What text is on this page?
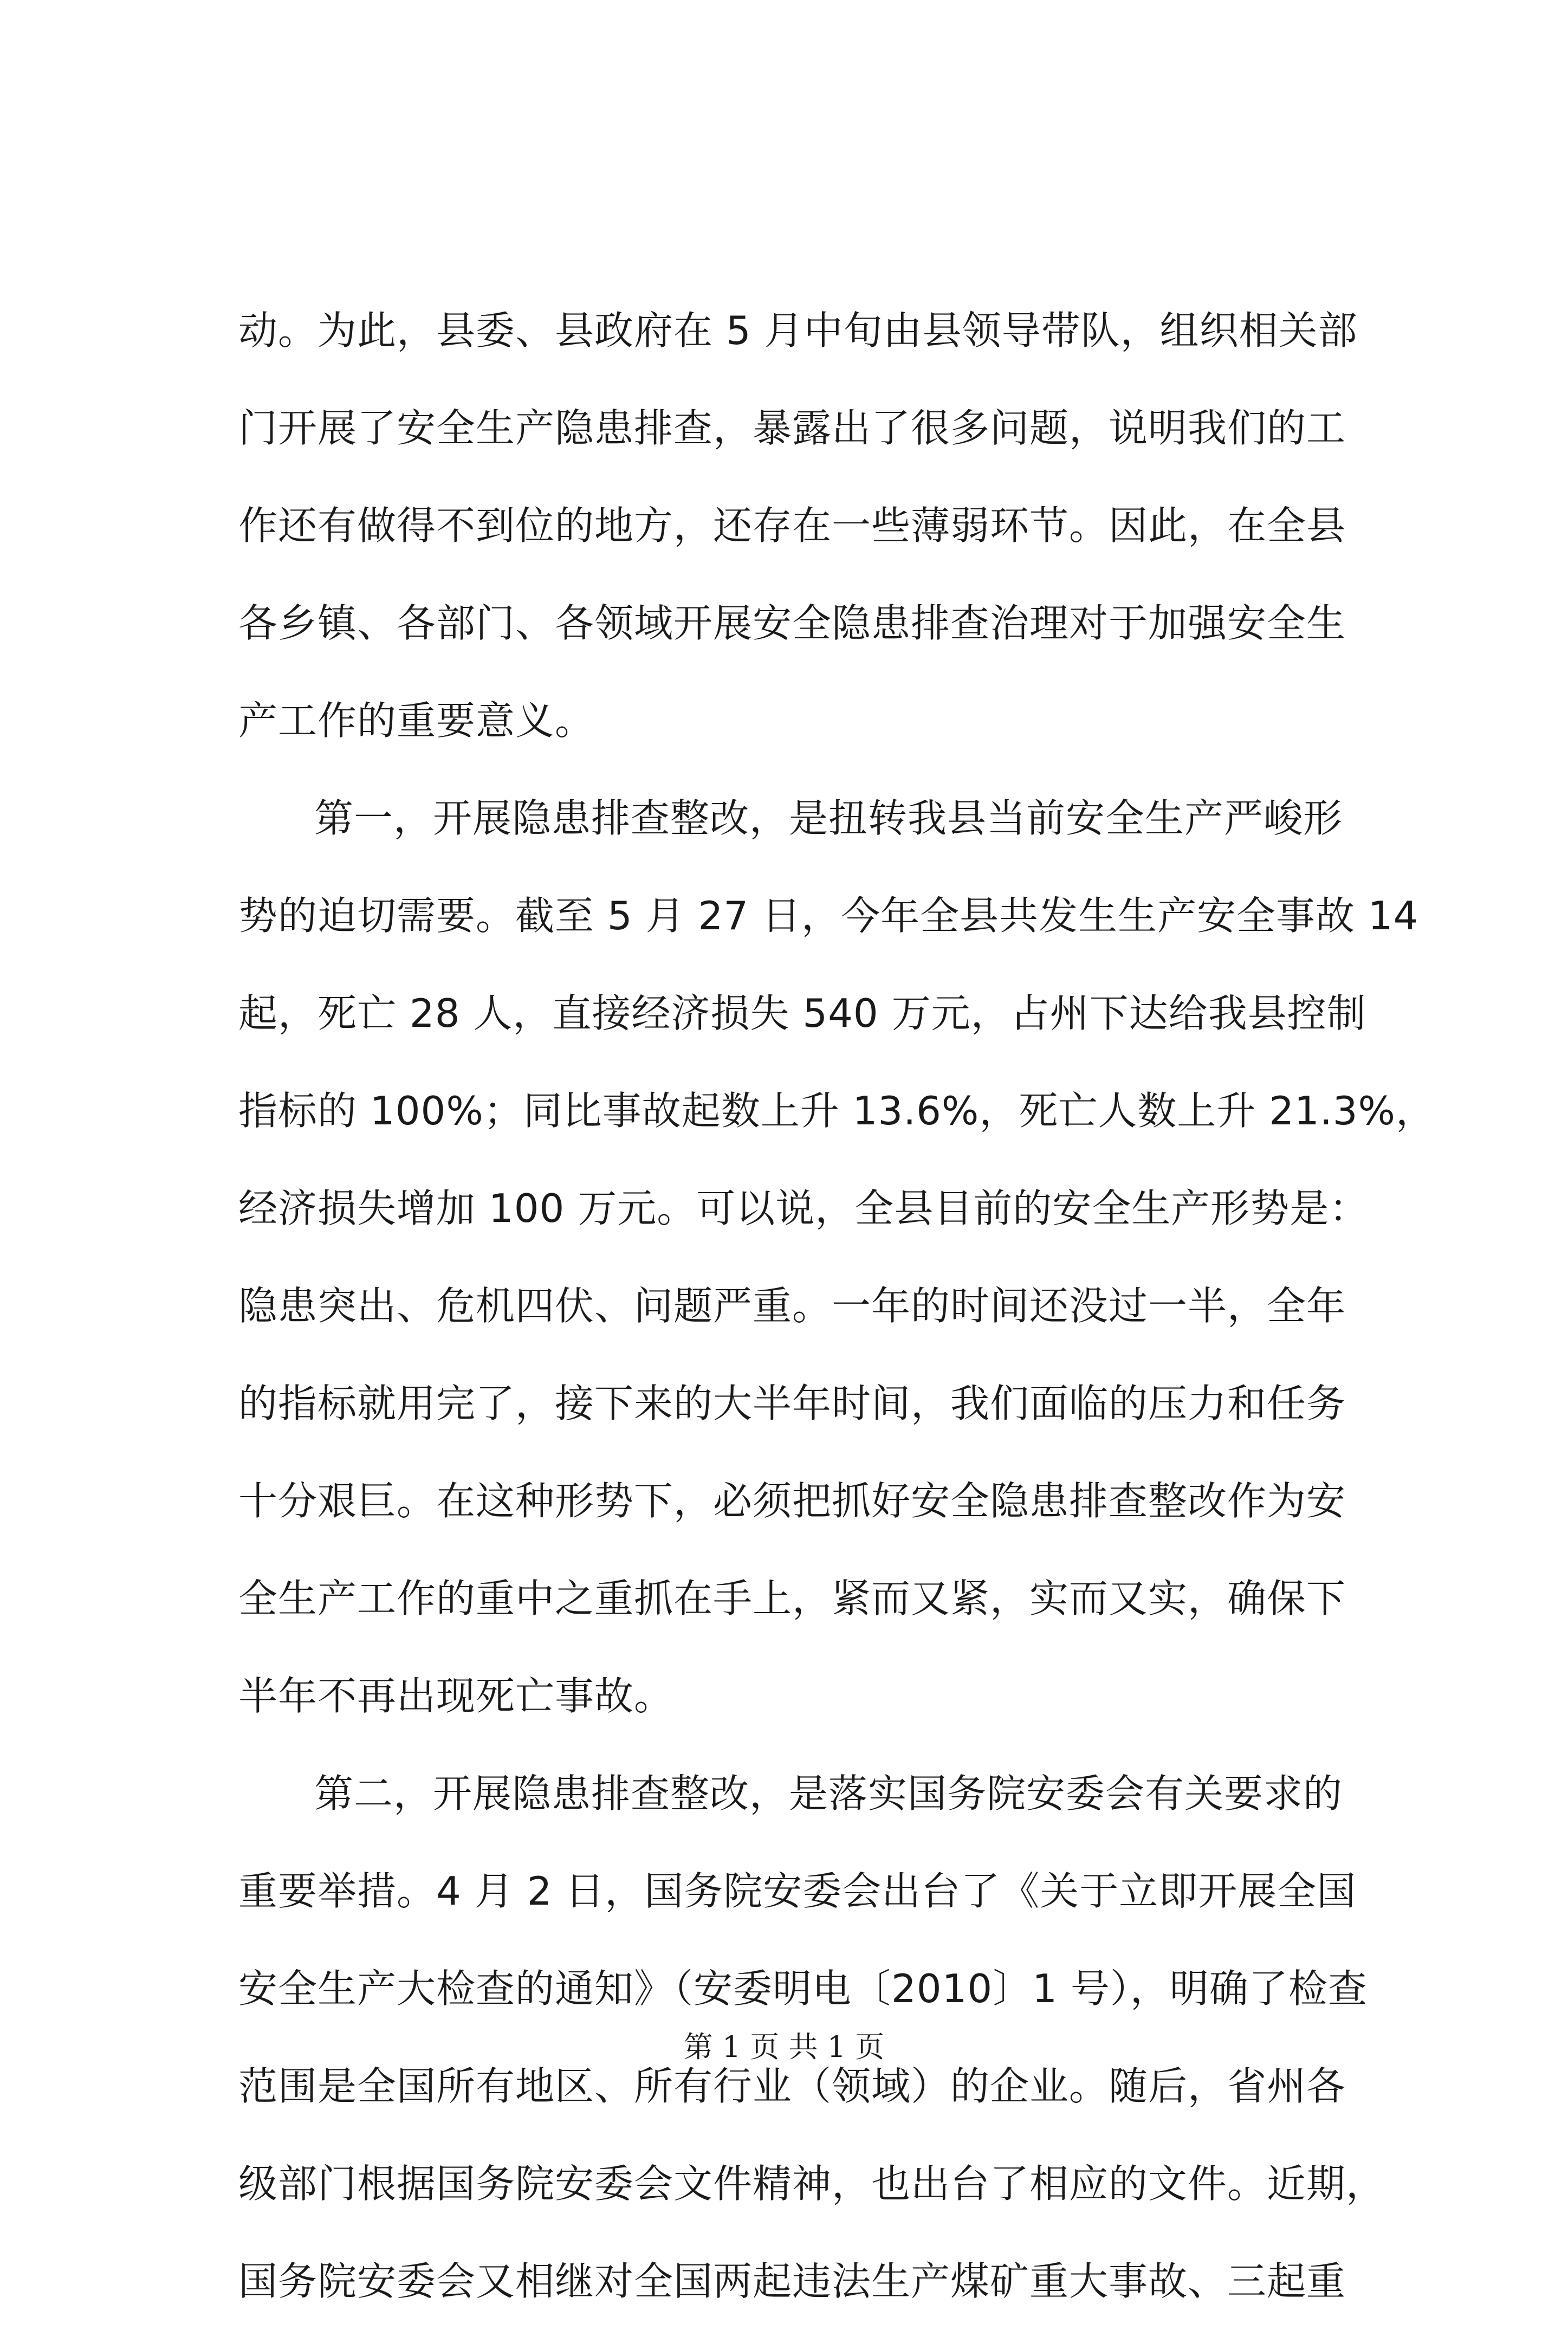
动。为此，县委、县政府在 5 月中旬由县领导带队，组织相关部
门开展了安全生产隐患排查，暴露出了很多问题，说明我们的工
作还有做得不到位的地方，还存在一些薄弱环节。因此，在全县
各乡镇、各部门、各领域开展安全隐患排查治理对于加强安全生
产工作的重要意义。
第一，开展隐患排查整改，是扭转我县当前安全生产严峻形
势的迫切需要。截至 5 月 27 日，今年全县共发生生产安全事故 14
起，死亡 28 人，直接经济损失 540 万元，占州下达给我县控制
指标的 100%；同比事故起数上升 13.6%，死亡人数上升 21.3%，
经济损失增加 100 万元。可以说，全县目前的安全生产形势是：
隐患突出、危机四伏、问题严重。一年的时间还没过一半，全年
的指标就用完了，接下来的大半年时间，我们面临的压力和任务
十分艰巨。在这种形势下，必须把抓好安全隐患排查整改作为安
全生产工作的重中之重抓在手上，紧而又紧，实而又实，确保下
半年不再出现死亡事故。
第二，开展隐患排查整改，是落实国务院安委会有关要求的
重要举措。4 月 2 日，国务院安委会出台了《关于立即开展全国
安全生产大检查的通知》（安委明电〔2010〕1 号），明确了检查
范围是全国所有地区、所有行业（领域）的企业。随后，省州各
级部门根据国务院安委会文件精神，也出台了相应的文件。近期，
国务院安委会又相继对全国两起违法生产煤矿重大事故、三起重
第 1 页 共 1 页
